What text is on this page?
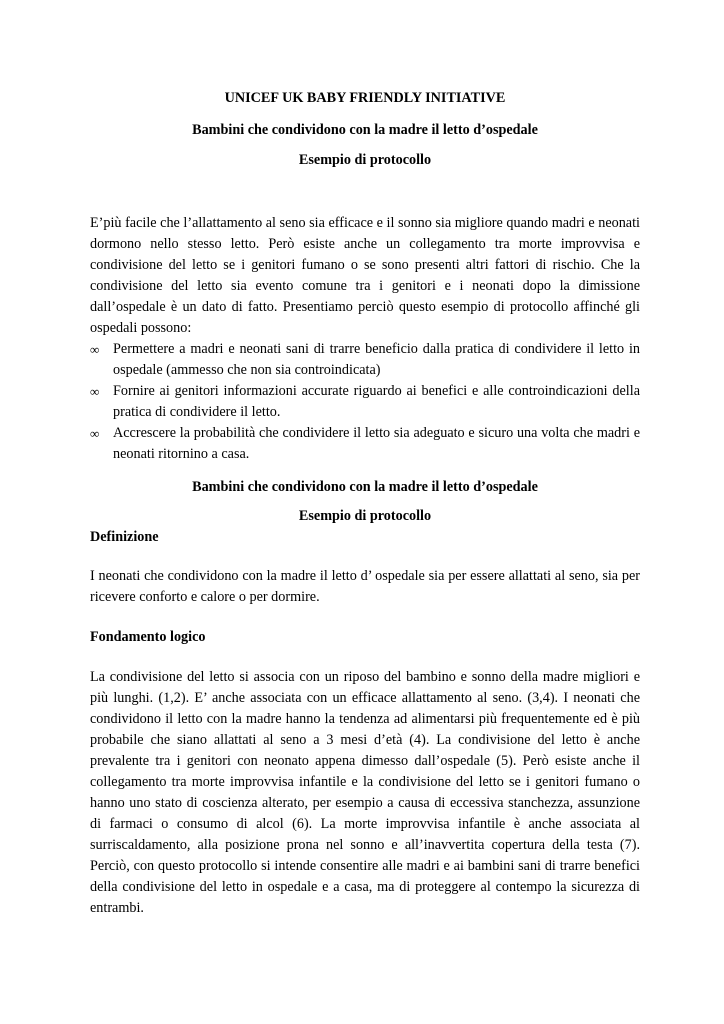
UNICEF UK BABY FRIENDLY INITIATIVE

Bambini che condividono con la madre il letto d’ospedale

Esempio di protocollo

E’più facile che l’allattamento al seno sia efficace e il sonno sia migliore quando madri e neonati dormono nello stesso letto. Però esiste anche un collegamento tra morte improvvisa e condivisione del letto se i genitori fumano o se sono presenti altri fattori di rischio. Che la condivisione del letto sia evento comune tra i genitori e i neonati dopo la dimissione dall’ospedale è un dato di fatto. Presentiamo perciò questo esempio di protocollo affinché gli ospedali possono:

∞ Permettere a madri e neonati sani di trarre beneficio dalla pratica di condividere il letto in ospedale (ammesso che non sia controindicata)
∞ Fornire ai genitori informazioni accurate riguardo ai benefici e alle controindicazioni della pratica di condividere il letto.
∞ Accrescere la probabilità che condividere il letto sia adeguato e sicuro una volta che madri e neonati ritornino a casa.

Bambini che condividono con la madre il letto d’ospedale

Esempio di protocollo

Definizione

I neonati che condividono con la madre il letto d’ ospedale sia per essere allattati al seno, sia per ricevere conforto e calore o per dormire.

Fondamento logico

La condivisione del letto si associa con un riposo del bambino e sonno della madre migliori e più lunghi. (1,2). E’ anche associata con un efficace allattamento al seno. (3,4). I neonati che condividono il letto con la madre hanno la tendenza ad alimentarsi più frequentemente ed è più probabile che siano allattati al seno a 3 mesi d’età (4). La condivisione del letto è anche prevalente tra i genitori con neonato appena dimesso dall’ospedale (5). Però esiste anche il collegamento tra morte improvvisa infantile e la condivisione del letto se i genitori fumano o hanno uno stato di coscienza alterato, per esempio a causa di eccessiva stanchezza, assunzione di farmaci o consumo di alcol (6). La morte improvvisa infantile è anche associata al surriscaldamento, alla posizione prona nel sonno e all’inavvertita copertura della testa (7). Perciò, con questo protocollo si intende consentire alle madri e ai bambini sani di trarre benefici della condivisione del letto in ospedale e a casa, ma di proteggere al contempo la sicurezza di entrambi.
